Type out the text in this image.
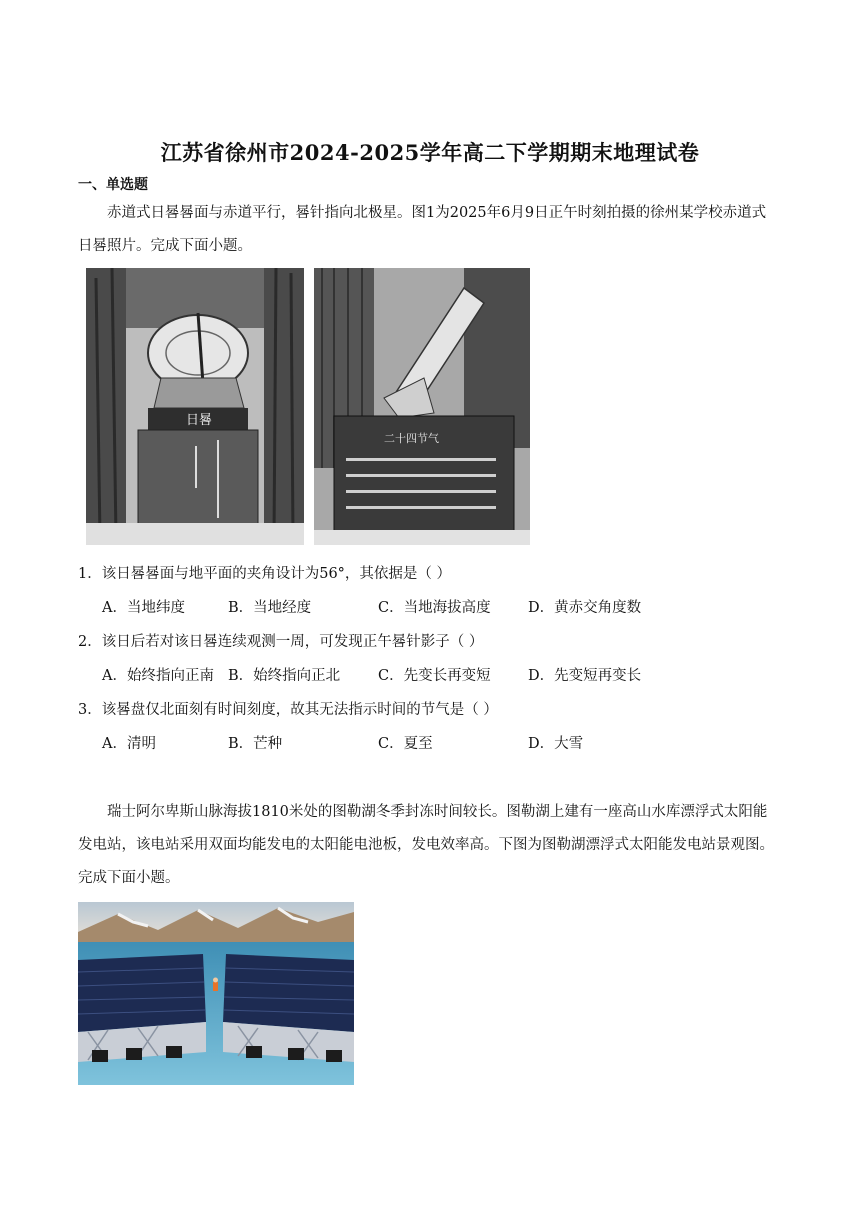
江苏省徐州市2024-2025学年高二下学期期末地理试卷
一、单选题
赤道式日晷晷面与赤道平行，晷针指向北极星。图1为2025年6月9日正午时刻拍摄的徐州某学校赤道式日晷照片。完成下面小题。
日晷
二十四节气
1．该日晷晷面与地平面的夹角设计为56°，其依据是（ ）
A．当地纬度	B．当地经度	C．当地海拔高度	D．黄赤交角度数
2．该日后若对该日晷连续观测一周，可发现正午晷针影子（ ）
A．始终指向正南 B．始终指向正北	C．先变长再变短	D．先变短再变长
3．该晷盘仅北面刻有时间刻度，故其无法指示时间的节气是（ ）
A．清明	B．芒种	C．夏至	D．大雪
瑞士阿尔卑斯山脉海拔1810米处的图勒湖冬季封冻时间较长。图勒湖上建有一座高山水库漂浮式太阳能发电站，该电站采用双面均能发电的太阳能电池板，发电效率高。下图为图勒湖漂浮式太阳能发电站景观图。完成下面小题。
